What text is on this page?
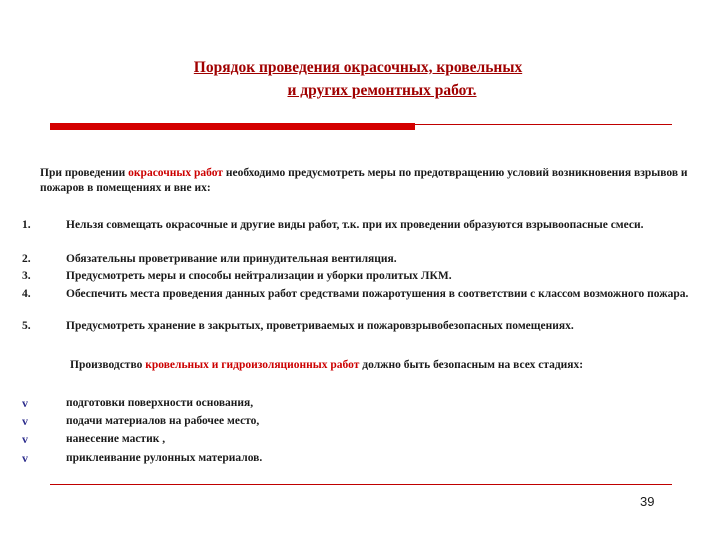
Порядок проведения окрасочных, кровельных
и других ремонтных работ.
При проведении окрасочных работ необходимо предусмотреть меры по предотвращению условий возникновения взрывов и пожаров в помещениях и вне их:
1.	Нельзя совмещать окрасочные и другие виды работ, т.к. при их проведении образуются взрывоопасные смеси.
2.	Обязательны проветривание или принудительная вентиляция.
3.	Предусмотреть меры и способы нейтрализации и уборки пролитых ЛКМ.
4.	Обеспечить места проведения данных работ средствами пожаротушения в соответствии с классом возможного пожара.
5.	Предусмотреть хранение в закрытых, проветриваемых и пожаровзрывобезопасных помещениях.
Производство кровельных и гидроизоляционных работ должно быть безопасным на всех стадиях:
v	подготовки поверхности основания,
v	подачи материалов на рабочее место,
v	нанесение мастик ,
v	приклеивание рулонных материалов.
39
